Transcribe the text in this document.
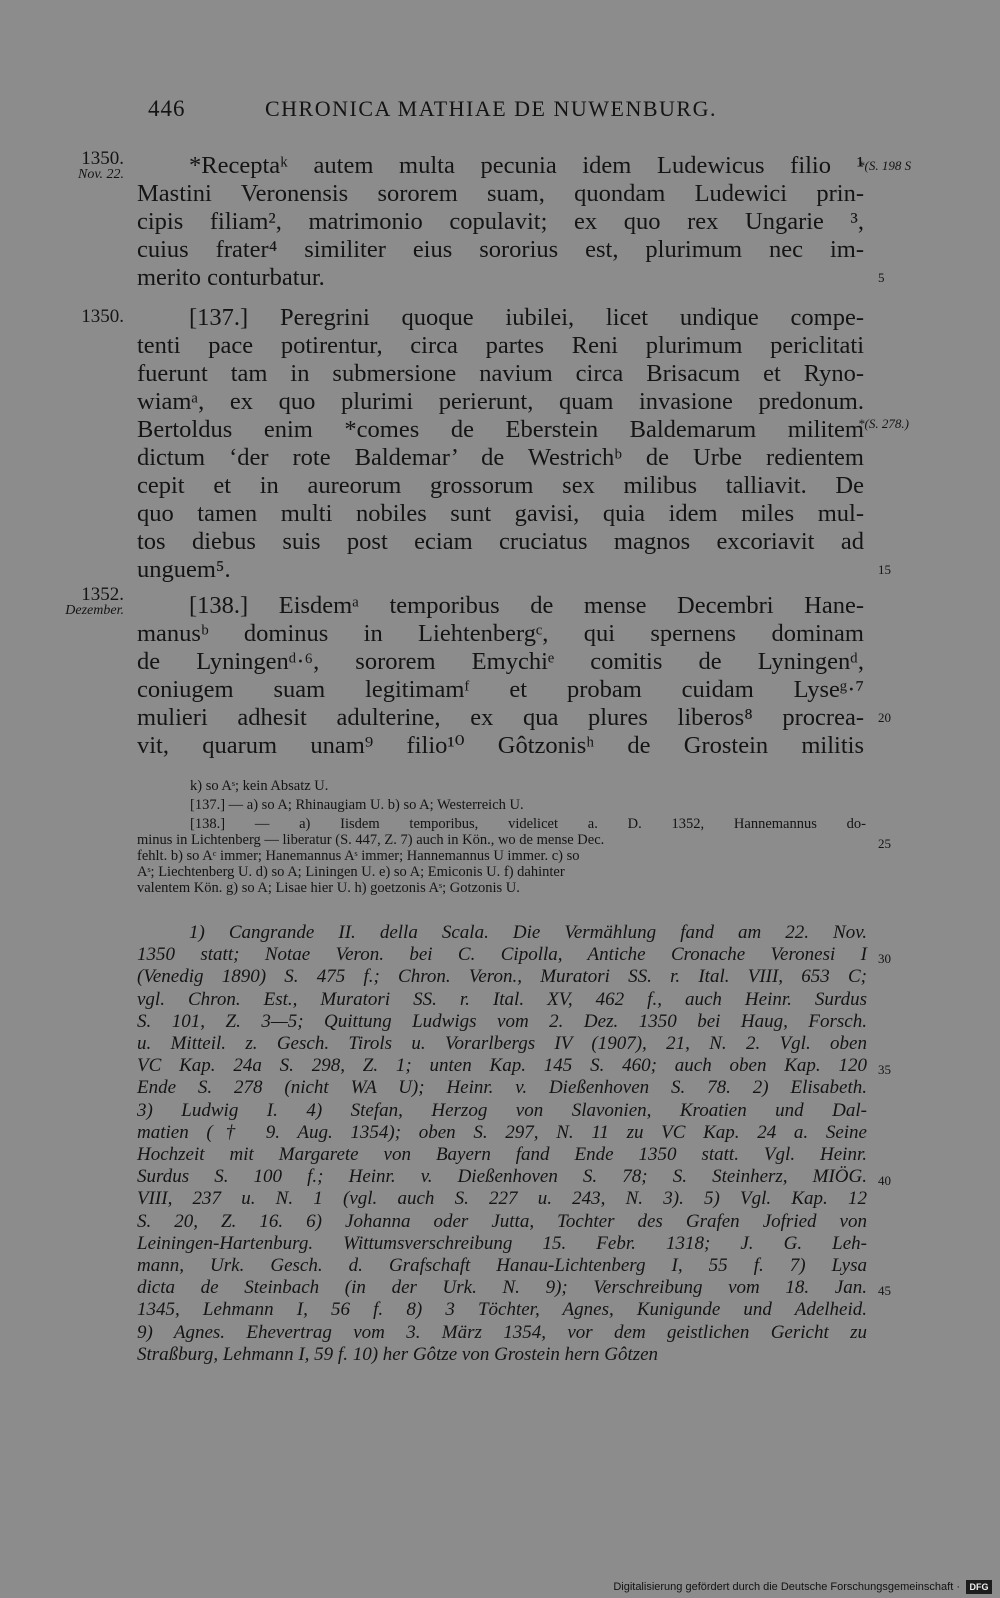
446	CHRONICA MATHIAE DE NUWENBURG.
1350.
Nov. 22.
1350.
1352.
Dezember.
*(S. 198 S
*(S. 278.)
5
15
20
25
30
35
40
45
*Receptaᵏ autem multa pecunia idem Ludewicus filio ¹
Mastini Veronensis sororem suam, quondam Ludewici prin-
cipis filiam², matrimonio copulavit; ex quo rex Ungarie ³,
cuius frater⁴ similiter eius sororius est, plurimum nec im-
merito conturbatur.
[137.] Peregrini quoque iubilei, licet undique compe-
tenti pace potirentur, circa partes Reni plurimum periclitati
fuerunt tam in submersione navium circa Brisacum et Ryno-
wiamᵃ, ex quo plurimi perierunt, quam invasione predonum.
Bertoldus enim *comes de Eberstein Baldemarum militem
dictum ‘der rote Baldemar’ de Westrichᵇ de Urbe redientem
cepit et in aureorum grossorum sex milibus talliavit. De
quo tamen multi nobiles sunt gavisi, quia idem miles mul-
tos diebus suis post eciam cruciatus magnos excoriavit ad
unguem⁵.
[138.] Eisdemᵃ temporibus de mense Decembri Hane-
manusᵇ dominus in Liehtenbergᶜ, qui spernens dominam
de Lyningenᵈ·⁶, sororem Emychiᵉ comitis de Lyningenᵈ,
coniugem suam legitimamᶠ et probam cuidam Lyseᵍ·⁷
mulieri adhesit adulterine, ex qua plures liberos⁸ procrea-
vit, quarum unam⁹ filio¹⁰ Gôtzonisʰ de Grostein militis
k) so Aˢ; kein Absatz U.
[137.] — a) so A; Rhinaugiam U. b) so A; Westerreich U.
[138.] — a) Iisdem temporibus, videlicet a. D. 1352, Hannemannus do-
minus in Lichtenberg — liberatur (S. 447, Z. 7) auch in Kön., wo de mense Dec.
fehlt. b) so Aᶜ immer; Hanemannus Aˢ immer; Hannemannus U immer. c) so
Aˢ; Liechtenberg U. d) so A; Liningen U. e) so A; Emiconis U. f) dahinter
valentem Kön. g) so A; Lisae hier U. h) goetzonis Aˢ; Gotzonis U.
1) Cangrande II. della Scala. Die Vermählung fand am 22. Nov.
1350 statt; Notae Veron. bei C. Cipolla, Antiche Cronache Veronesi I
(Venedig 1890) S. 475 f.; Chron. Veron., Muratori SS. r. Ital. VIII, 653 C;
vgl. Chron. Est., Muratori SS. r. Ital. XV, 462 f., auch Heinr. Surdus
S. 101, Z. 3—5; Quittung Ludwigs vom 2. Dez. 1350 bei Haug, Forsch.
u. Mitteil. z. Gesch. Tirols u. Vorarlbergs IV (1907), 21, N. 2. Vgl. oben
VC Kap. 24a S. 298, Z. 1; unten Kap. 145 S. 460; auch oben Kap. 120
Ende S. 278 (nicht WA U); Heinr. v. Dießenhoven S. 78. 2) Elisabeth.
3) Ludwig I. 4) Stefan, Herzog von Slavonien, Kroatien und Dal-
matien († 9. Aug. 1354); oben S. 297, N. 11 zu VC Kap. 24 a. Seine
Hochzeit mit Margarete von Bayern fand Ende 1350 statt. Vgl. Heinr.
Surdus S. 100 f.; Heinr. v. Dießenhoven S. 78; S. Steinherz, MIÖG.
VIII, 237 u. N. 1 (vgl. auch S. 227 u. 243, N. 3). 5) Vgl. Kap. 12
S. 20, Z. 16. 6) Johanna oder Jutta, Tochter des Grafen Jofried von
Leiningen-Hartenburg. Wittumsverschreibung 15. Febr. 1318; J. G. Leh-
mann, Urk. Gesch. d. Grafschaft Hanau-Lichtenberg I, 55 f. 7) Lysa
dicta de Steinbach (in der Urk. N. 9); Verschreibung vom 18. Jan.
1345, Lehmann I, 56 f. 8) 3 Töchter, Agnes, Kunigunde und Adelheid.
9) Agnes. Ehevertrag vom 3. März 1354, vor dem geistlichen Gericht zu
Straßburg, Lehmann I, 59 f. 10) her Gôtze von Grostein hern Gôtzen
Digitalisierung gefördert durch die Deutsche Forschungsgemeinschaft ·	DFG
